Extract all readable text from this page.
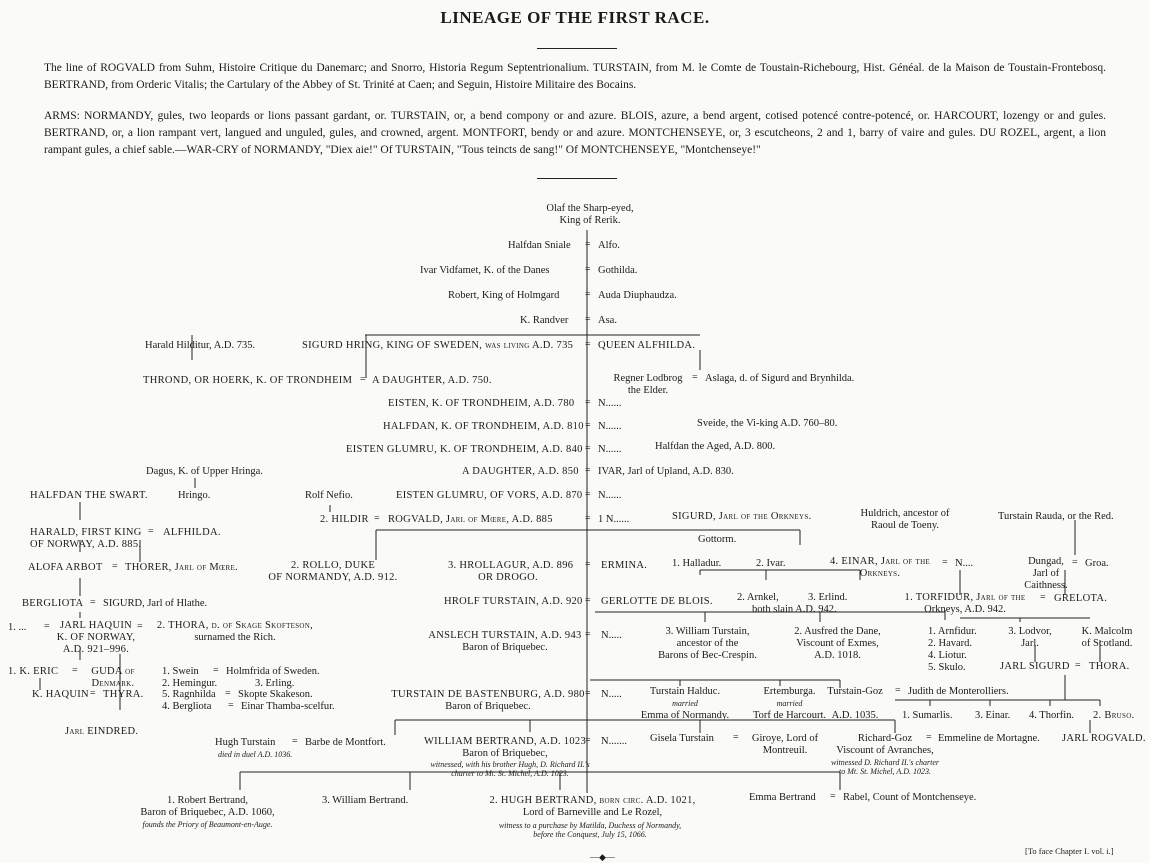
LINEAGE OF THE FIRST RACE.
The line of ROGVALD from Suhm, Histoire Critique du Danemarc; and Snorro, Historia Regum Septentrionalium. TURSTAIN, from M. le Comte de Toustain-Richebourg, Hist. Généal. de la Maison de Toustain-Frontebosq. BERTRAND, from Orderic Vitalis; the Cartulary of the Abbey of St. Trinité at Caen; and Seguin, Histoire Militaire des Bocains.
ARMS: NORMANDY, gules, two leopards or lions passant gardant, or. TURSTAIN, or, a bend compony or and azure. BLOIS, azure, a bend argent, cotised potencé contre-potencé, or. HARCOURT, lozengy or and gules. BERTRAND, or, a lion rampant vert, langued and unguled, gules, and crowned, argent. MONTFORT, bendy or and azure. MONTCHENSEYE, or, 3 escutcheons, 2 and 1, barry of vaire and gules. DU ROZEL, argent, a lion rampant gules, a chief sable.—WAR-CRY of NORMANDY, "Diex aie!" Of TURSTAIN, "Tous teincts de sang!" Of MONTCHENSEYE, "Montchenseye!"
Olaf the Sharp-eyed,
King of Rerik.
Halfdan Sniale = Alfo.
Ivar Vidfamet, K. of the Danes	= Gothilda.
Robert, King of Holmgard	= Auda Diuphaudza.
K. Randver = Asa.
Harald Hilditur, A.D. 735.	SIGURD HRING, KING OF SWEDEN, was living A.D. 735 = QUEEN ALFHILDA.
THROND, OR HOERK, K. OF TRONDHEIM = A DAUGHTER, A.D. 750.	Regner Lodbrog
the Elder.
= Aslaga, d. of Sigurd and Brynhilda.
EISTEN, K. OF TRONDHEIM, A.D. 780 = N......
HALFDAN, K. OF TRONDHEIM, A.D. 810 = N......	Sveide, the Vi-king A.D. 760–80.
EISTEN GLUMRU, K. OF TRONDHEIM, A.D. 840 = N......	Halfdan the Aged, A.D. 800.
Dagus, K. of Upper Hringa.	A DAUGHTER, A.D. 850 = IVAR, Jarl of Upland, A.D. 830.
HALFDAN THE SWART.	Hringo.	Rolf Nefio.	EISTEN GLUMRU, OF VORS, A.D. 870 = N......
HARALD, FIRST KING
OF NORWAY, A.D. 885.
= ALFHILDA.
2. HILDIR = ROGVALD, Jarl of Mœre, A.D. 885	= 1 N......	SIGURD, Jarl of the Orkneys.
Gottorm.
Huldrich, ancestor of
Raoul de Toeny.
Turstain Rauda, or the Red.
ALOFA ARBOT = THORER, Jarl of Mœre.	2. ROLLO, DUKE
OF NORMANDY, A.D. 912.
3. HROLLAGUR, A.D. 896
OR DROGO.
= ERMINA. 1. Halladur.	2. Ivar.	4. EINAR, Jarl of the
Orkneys.
= N....	Dungad,
Jarl of
Caithness.
= Groa.
BERGLIOTA = SIGURD, Jarl of Hlathe.	HROLF TURSTAIN, A.D. 920 = GERLOTTE DE BLOIS. 2. Arnkel,	3. Erlind.
both slain A.D. 942.
1. TORFIDUR, Jarl of the
Orkneys, A.D. 942.
= GRELOTA.
1. ... = JARL HAQUIN
K. OF NORWAY,
A.D. 921–996.
=	2. THORA, d. of Skage Skofteson,
surnamed the Rich.	ANSLECH TURSTAIN, A.D. 943
Baron of Briquebec.
= N.....	3. William Turstain,
ancestor of the
Barons of Bec-Crespin.
2. Ausfred the Dane,
Viscount of Exmes,
A.D. 1018.
1. Arnfidur.
2. Havard.
4. Liotur.
5. Skulo.
3. Lodvor,
Jarl.
K. Malcolm
of Scotland.
JARL SIGURD = THORA.
1. K. ERIC =	GUDA of
Denmark.
1. Swein = Holmfrida of Sweden.
2. Hemingur.	3. Erling.
K. HAQUIN = THYRA. 5. Ragnhilda = Skopte Skakeson.
4. Bergliota = Einar Thamba-scelfur.
Jarl EINDRED.
TURSTAIN DE BASTENBURG, A.D. 980
Baron of Briquebec.
= N.....	Turstain Halduc.
married
Emma of Normandy.
Ertemburga.
married
Torf de Harcourt.
Turstain-Goz

A.D. 1035.
= Judith de Monterolliers.
1. Sumarlis. 3. Einar. 4. Thorfin. 2. Bruso.
Hugh Turstain = Barbe de Montfort.
died in duel A.D. 1036.
WILLIAM BERTRAND, A.D. 1023
Baron of Briquebec,
= N.......
witnessed, with his brother Hugh, D. Richard II.'s
charter to Mt. St. Michel, A.D. 1023.
Gisela Turstain =	Giroye, Lord of
Montreuil.
Richard-Goz
Viscount of Avranches,
= Emmeline de Mortagne.
witnessed D. Richard II.'s charter
to Mt. St. Michel, A.D. 1023.
JARL ROGVALD.
1. Robert Bertrand,
Baron of Briquebec, A.D. 1060,
founds the Priory of Beaumont-en-Auge.
3. William Bertrand.	2. HUGH BERTRAND, born circ. A.D. 1021,
Lord of Barneville and Le Rozel,
witness to a purchase by Matilda, Duchess of Normandy,
before the Conquest, July 15, 1066.
Emma Bertrand = Rabel, Count of Montchenseye.
[To face Chapter I. vol. i.]
—◆—
